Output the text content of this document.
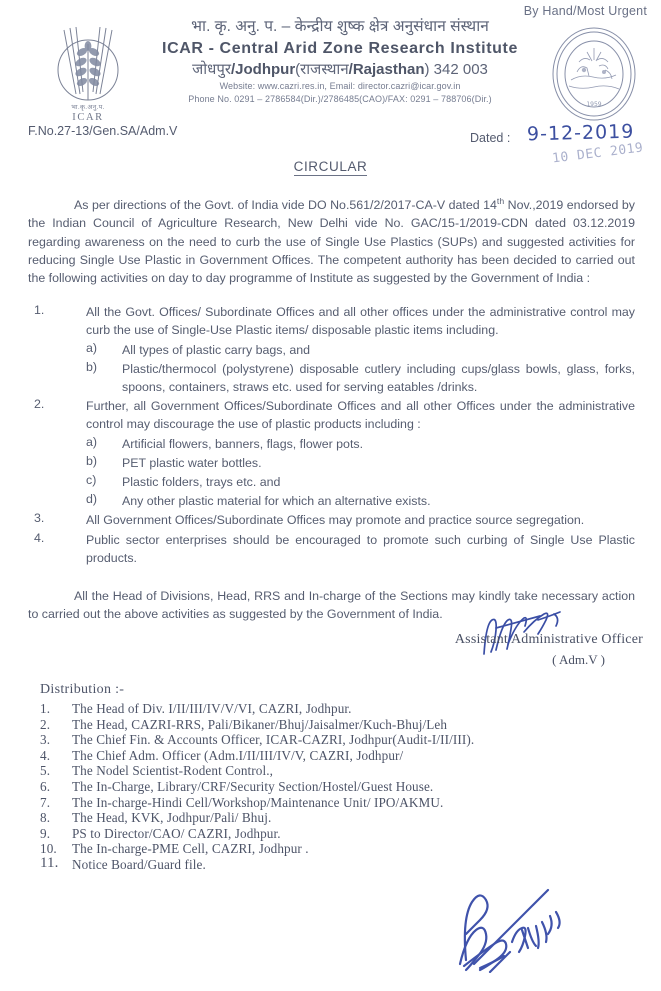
By Hand/Most Urgent
भा.कृ.अनु.प.
ICAR
भा. कृ. अनु. प. – केन्द्रीय शुष्क क्षेत्र अनुसंधान संस्थान
ICAR - Central Arid Zone Research Institute
जोधपुर/Jodhpur(राजस्थान/Rajasthan) 342 003
Website: www.cazri.res.in, Email: director.cazri@icar.gov.in
Phone No. 0291 – 2786584(Dir.)/2786485(CAO)/FAX: 0291 – 788706(Dir.)
1959
F.No.27-13/Gen.SA/Adm.V	Dated : 9-12-2019
10 DEC 2019
CIRCULAR

As per directions of the Govt. of India vide DO No.561/2/2017-CA-V dated 14th Nov.,2019 endorsed by the Indian Council of Agriculture Research, New Delhi vide No. GAC/15-1/2019-CDN dated 03.12.2019 regarding awareness on the need to curb the use of Single Use Plastics (SUPs) and suggested activities for reducing Single Use Plastic in Government Offices. The competent authority has been decided to carried out the following activities on day to day programme of Institute as suggested by the Government of India :

1.	All the Govt. Offices/ Subordinate Offices and all other offices under the administrative control may curb the use of Single-Use Plastic items/ disposable plastic items including.
a) All types of plastic carry bags, and
b) Plastic/thermocol (polystyrene) disposable cutlery including cups/glass bowls, glass, forks, spoons, containers, straws etc. used for serving eatables /drinks.
2.	Further, all Government Offices/Subordinate Offices and all other Offices under the administrative control may discourage the use of plastic products including :
a) Artificial flowers, banners, flags, flower pots.
b) PET plastic water bottles.
c) Plastic folders, trays etc. and
d) Any other plastic material for which an alternative exists.
3.	All Government Offices/Subordinate Offices may promote and practice source segregation.
4.	Public sector enterprises should be encouraged to promote such curbing of Single Use Plastic products.

All the Head of Divisions, Head, RRS and In-charge of the Sections may kindly take necessary action to carried out the above activities as suggested by the Government of India.

Assistant Administrative Officer
( Adm.V )
Distribution :-
1. The Head of Div. I/II/III/IV/V/VI, CAZRI, Jodhpur.
2. The Head, CAZRI-RRS, Pali/Bikaner/Bhuj/Jaisalmer/Kuch-Bhuj/Leh
3. The Chief Fin. & Accounts Officer, ICAR-CAZRI, Jodhpur(Audit-I/II/III).
4. The Chief Adm. Officer (Adm.I/II/III/IV/V, CAZRI, Jodhpur/
5. The Nodel Scientist-Rodent Control.,
6. The In-Charge, Library/CRF/Security Section/Hostel/Guest House.
7. The In-charge-Hindi Cell/Workshop/Maintenance Unit/ IPO/AKMU.
8. The Head, KVK, Jodhpur/Pali/ Bhuj.
9. PS to Director/CAO/ CAZRI, Jodhpur.
10. The In-charge-PME Cell, CAZRI, Jodhpur .
11. Notice Board/Guard file.
